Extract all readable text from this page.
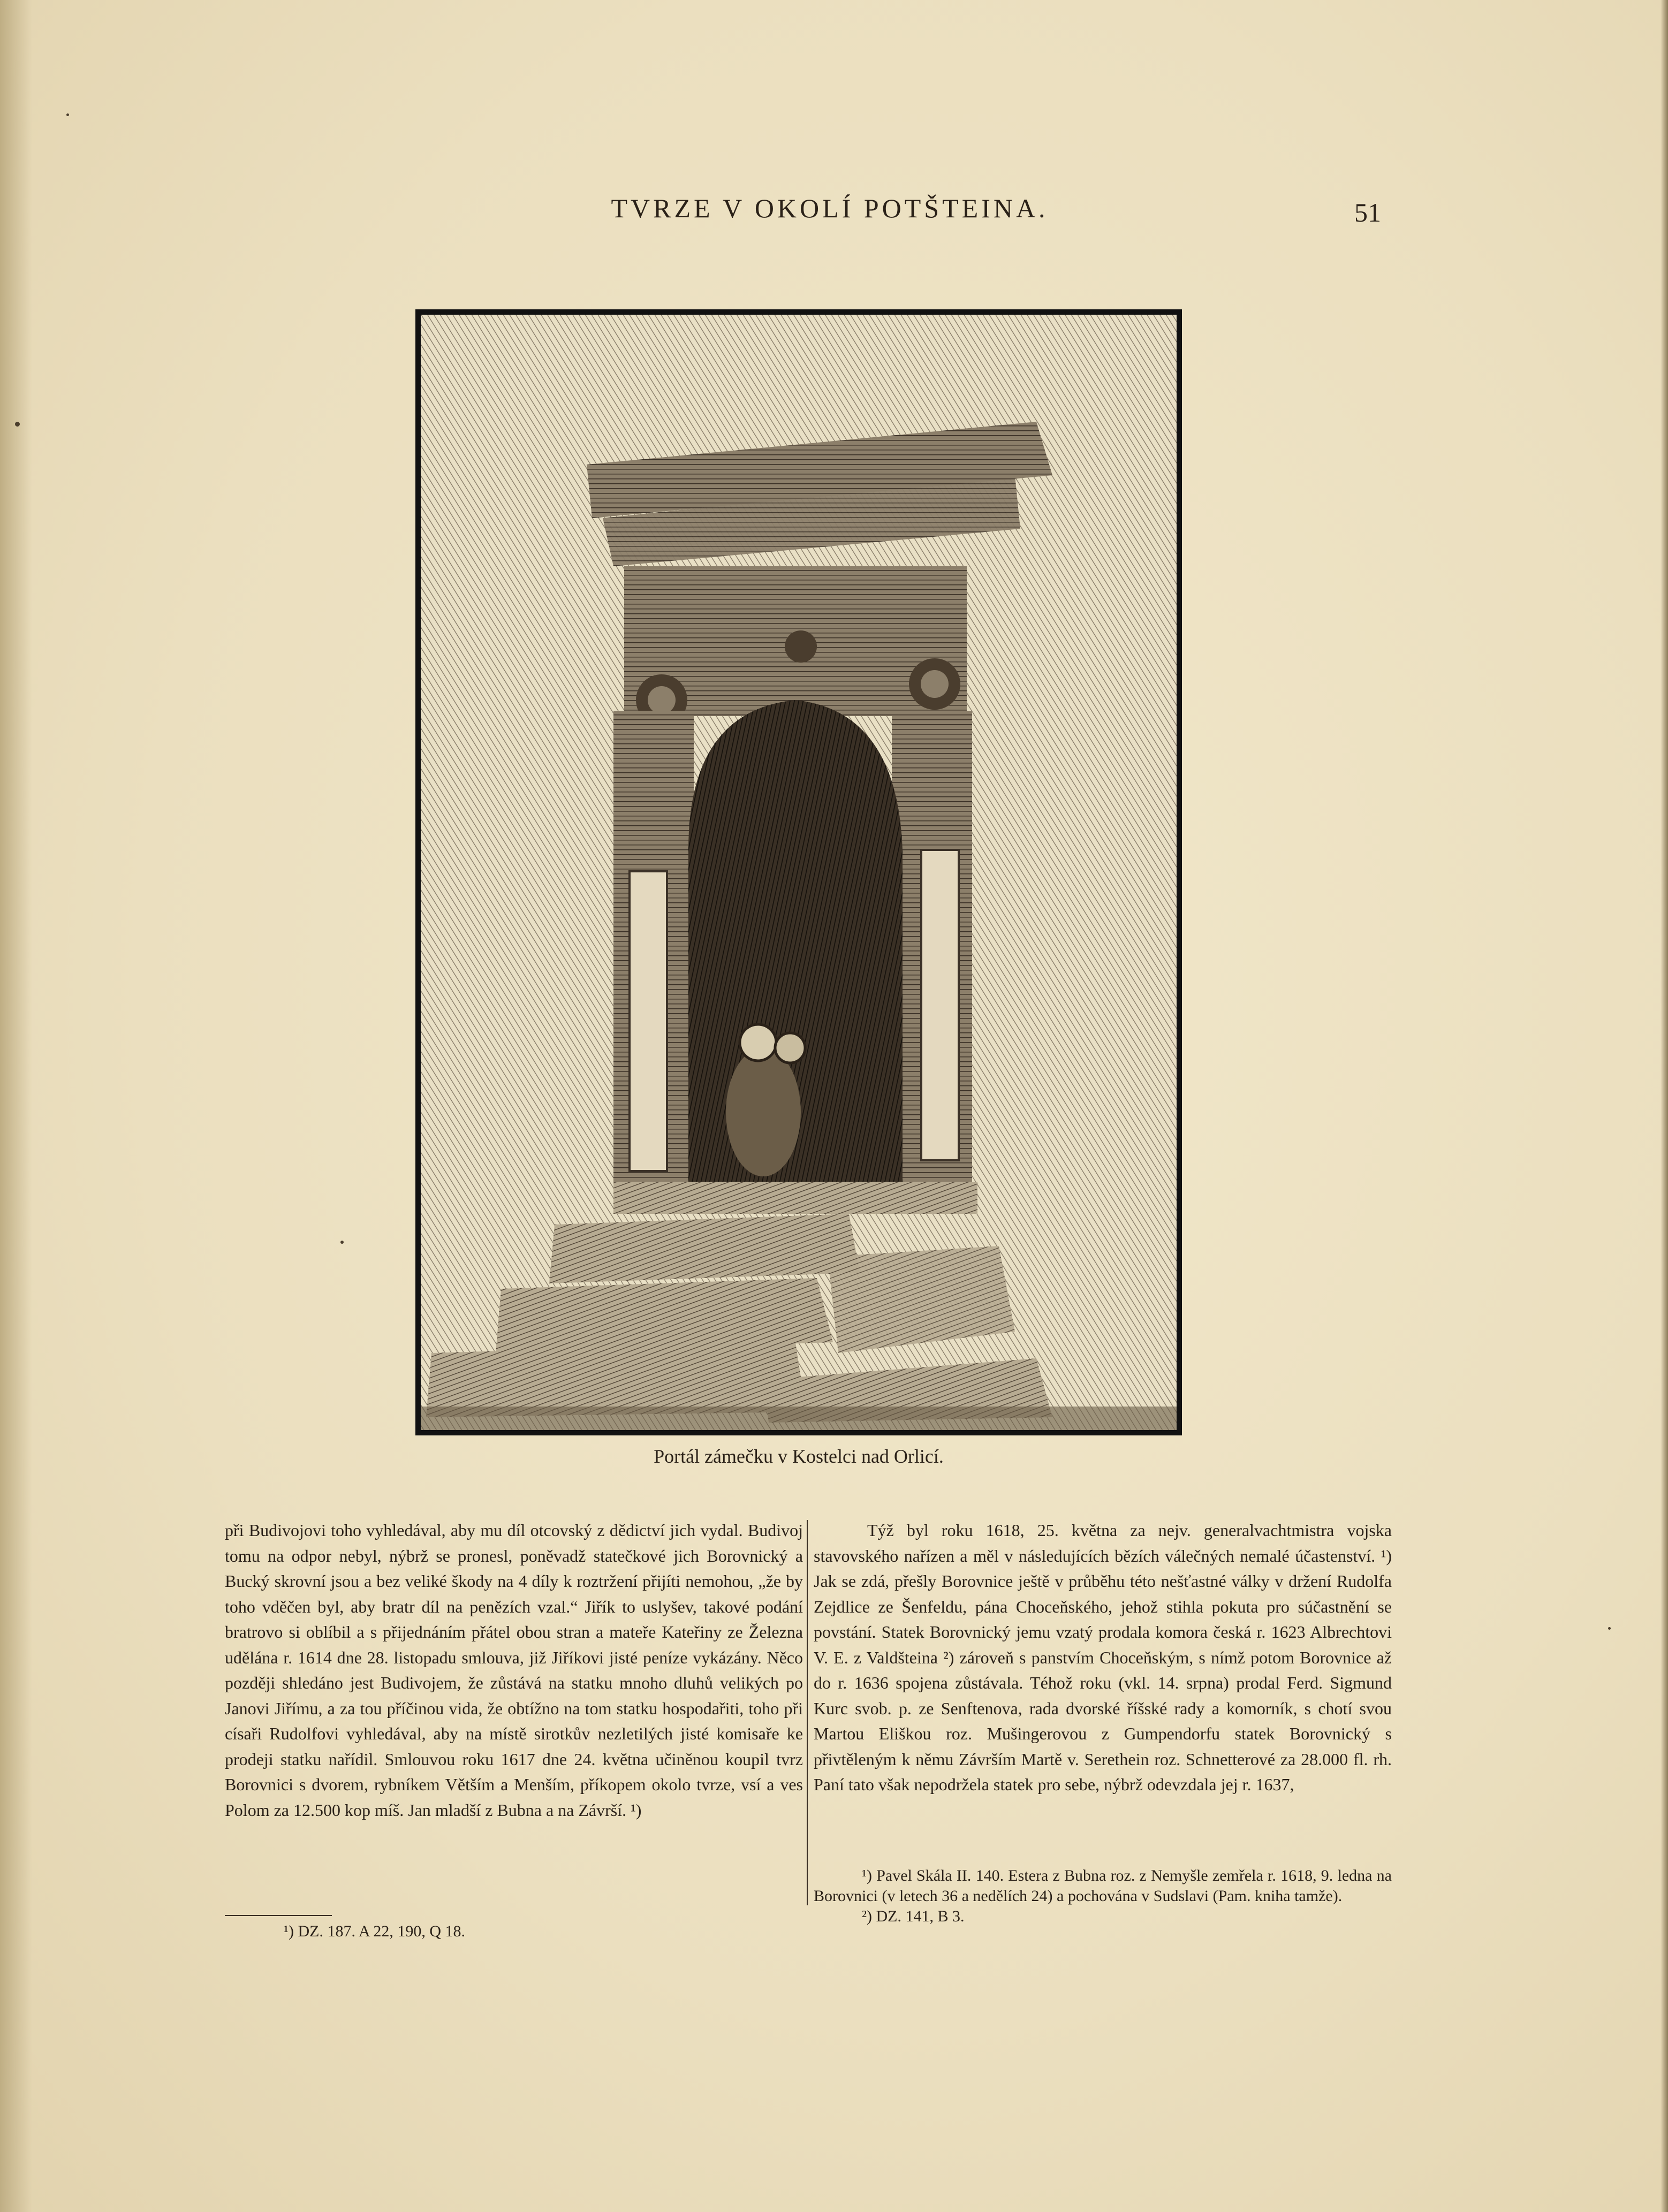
TVRZE V OKOLÍ POTŠTEINA.	51
Portál zámečku v Kostelci nad Orlicí.

při Budivojovi toho vyhledával, aby mu díl otcovský z dědictví jich vydal. Budivoj tomu na odpor nebyl, nýbrž se pronesl, poněvadž statečkové jich Borovnický a Bucký skrovní jsou a bez veliké škody na 4 díly k roztržení přijíti nemohou, „že by toho vděčen byl, aby bratr díl na penězích vzal.“ Jiřík to uslyšev, takové podání bratrovo si oblíbil a s přijednáním přátel obou stran a mateře Kateřiny ze Železna udělána r. 1614 dne 28. listopadu smlouva, již Jiříkovi jisté peníze vykázány. Něco později shledáno jest Budivojem, že zůstává na statku mnoho dluhů velikých po Janovi Jiřímu, a za tou příčinou vida, že obtížno na tom statku hospodařiti, toho při císaři Rudolfovi vyhledával, aby na místě sirotkův nezletilých jisté komisaře ke prodeji statku nařídil. Smlouvou roku 1617 dne 24. května učiněnou koupil tvrz Borovnici s dvorem, rybníkem Větším a Menším, příkopem okolo tvrze, vsí a ves Polom za 12.500 kop míš. Jan mladší z Bubna a na Závrší. ¹)

Týž byl roku 1618, 25. května za nejv. generalvachtmistra vojska stavovského nařízen a měl v následujících bězích válečných nemalé účastenství. ¹) Jak se zdá, přešly Borovnice ještě v průběhu této nešťastné války v držení Rudolfa Zejdlice ze Šenfeldu, pána Choceňského, jehož stihla pokuta pro súčastnění se povstání. Statek Borovnický jemu vzatý prodala komora česká r. 1623 Albrechtovi V. E. z Valdšteina ²) zároveň s panstvím Choceňským, s nímž potom Borovnice až do r. 1636 spojena zůstávala. Téhož roku (vkl. 14. srpna) prodal Ferd. Sigmund Kurc svob. p. ze Senftenova, rada dvorské říšské rady a komorník, s chotí svou Martou Eliškou roz. Mušingerovou z Gumpendorfu statek Borovnický s přivtěleným k němu Závrším Martě v. Serethein roz. Schnetterové za 28.000 fl. rh. Paní tato však nepodržela statek pro sebe, nýbrž odevzdala jej r. 1637,

¹) DZ. 187. A 22, 190, Q 18.

¹) Pavel Skála II. 140. Estera z Bubna roz. z Nemyšle zemřela r. 1618, 9. ledna na Borovnici (v letech 36 a nedělích 24) a pochována v Sudslavi (Pam. kniha tamže).

²) DZ. 141, B 3.
